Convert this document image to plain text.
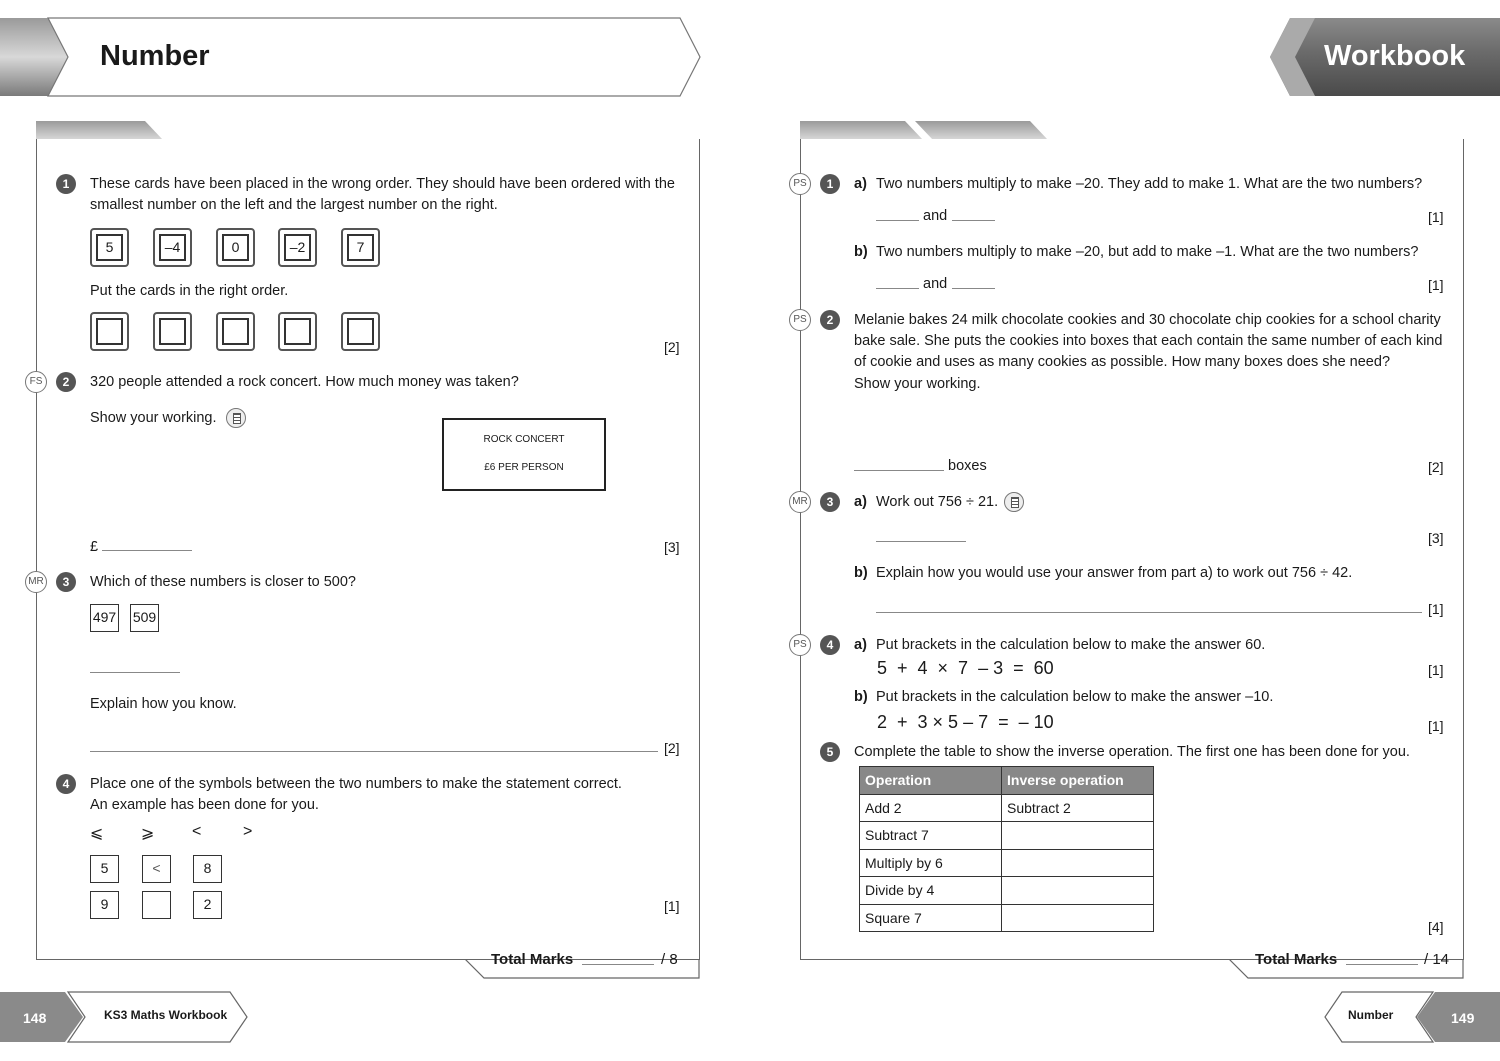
Number	Workbook
148	KS3 Maths Workbook	Number	149
1	These cards have been placed in the wrong order. They should have been ordered with the smallest number on the left and the largest number on the right.
5	–4	0	–2	7
Put the cards in the right order.
[2]
FS	2	320 people attended a rock concert. How much money was taken?
Show your working.
ROCK CONCERT
£6 PER PERSON
£	[3]
MR	3	Which of these numbers is closer to 500?
497 509
Explain how you know.
[2]
4	Place one of the symbols between the two numbers to make the statement correct.
An example has been done for you.
⩽ ⩾ <	>
5	<	8
9	2	[1]
Total Marks	/ 8
PS	1	a) Two numbers multiply to make –20. They add to make 1. What are the two numbers?
and	[1]
b) Two numbers multiply to make –20, but add to make –1. What are the two numbers?
and	[1]
PS	2	Melanie bakes 24 milk chocolate cookies and 30 chocolate chip cookies for a school charity bake sale. She puts the cookies into boxes that each contain the same number of each kind of cookie and uses as many cookies as possible. How many boxes does she need?
Show your working.
boxes	[2]
MR	3	a) Work out 756 ÷ 21.
[3]
b) Explain how you would use your answer from part a) to work out 756 ÷ 42.
[1]
PS	4	a) Put brackets in the calculation below to make the answer 60.
5  +  4  ×  7  – 3  =  60	[1]
b) Put brackets in the calculation below to make the answer –10.
2  +  3 × 5 – 7  =  – 10	[1]
5	Complete the table to show the inverse operation. The first one has been done for you.
Operation	Inverse operation
Add 2	Subtract 2
Subtract 7	
Multiply by 6	
Divide by 4	
Square 7	
[4]
Total Marks	/ 14
